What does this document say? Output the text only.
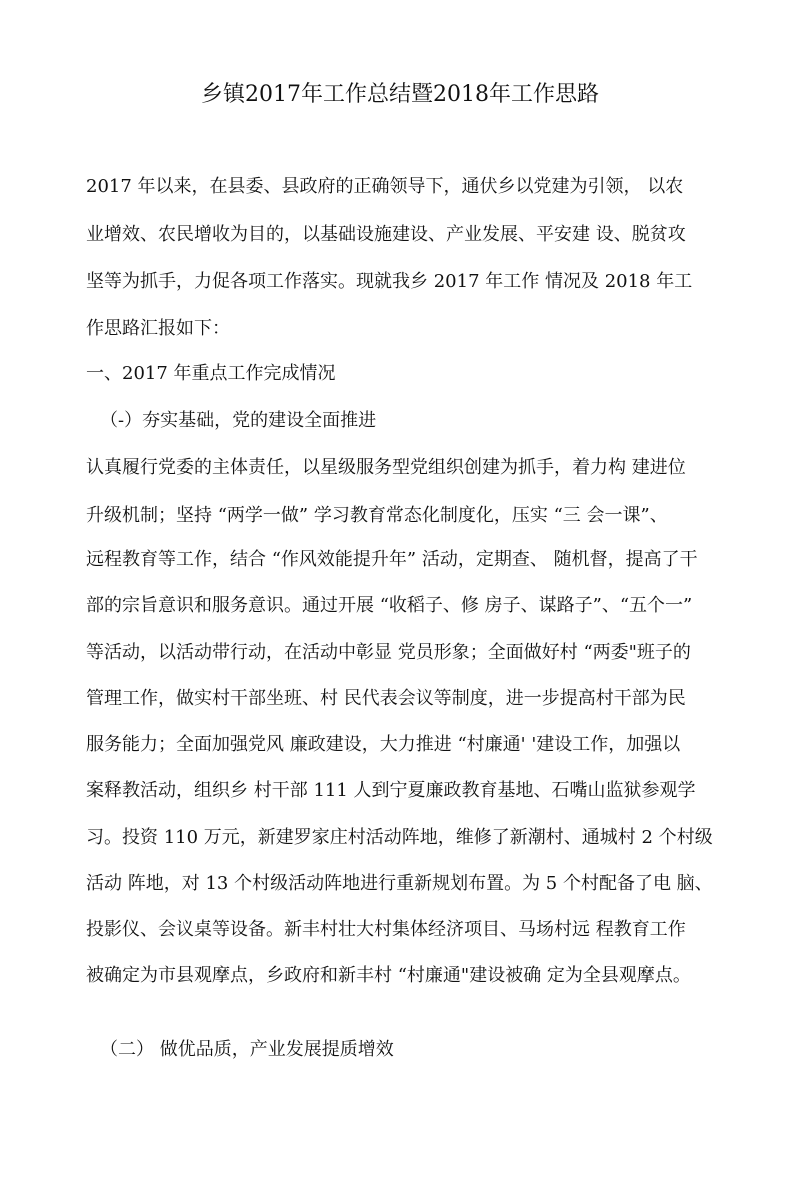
乡镇2017年工作总结暨2018年工作思路
2017 年以来，在县委、县政府的正确领导下，通伏乡以党建为引领， 以农
业增效、农民增收为目的，以基础设施建设、产业发展、平安建 设、脱贫攻
坚等为抓手，力促各项工作落实。现就我乡 2017 年工作 情况及 2018 年工
作思路汇报如下：
一、2017 年重点工作完成情况
（-）夯实基础，党的建设全面推进
认真履行党委的主体责任，以星级服务型党组织创建为抓手，着力构 建进位
升级机制；坚持 “两学一做” 学习教育常态化制度化，压实 “三 会一课”、
远程教育等工作，结合 “作风效能提升年” 活动，定期查、 随机督，提高了干
部的宗旨意识和服务意识。通过开展 “收稻子、修 房子、谋路子”、“五个一”
等活动，以活动带行动，在活动中彰显 党员形象；全面做好村 “两委"班子的
管理工作，做实村干部坐班、村 民代表会议等制度，进一步提高村干部为民
服务能力；全面加强党风 廉政建设，大力推进 “村廉通' '建设工作，加强以
案释教活动，组织乡 村干部 111 人到宁夏廉政教育基地、石嘴山监狱参观学
习。投资 110 万元，新建罗家庄村活动阵地，维修了新潮村、通城村 2 个村级
活动 阵地，对 13 个村级活动阵地进行重新规划布置。为 5 个村配备了电 脑、
投影仪、会议桌等设备。新丰村壮大村集体经济项目、马场村远 程教育工作
被确定为市县观摩点，乡政府和新丰村 “村廉通"建设被确 定为全县观摩点。
（二） 做优品质，产业发展提质增效
